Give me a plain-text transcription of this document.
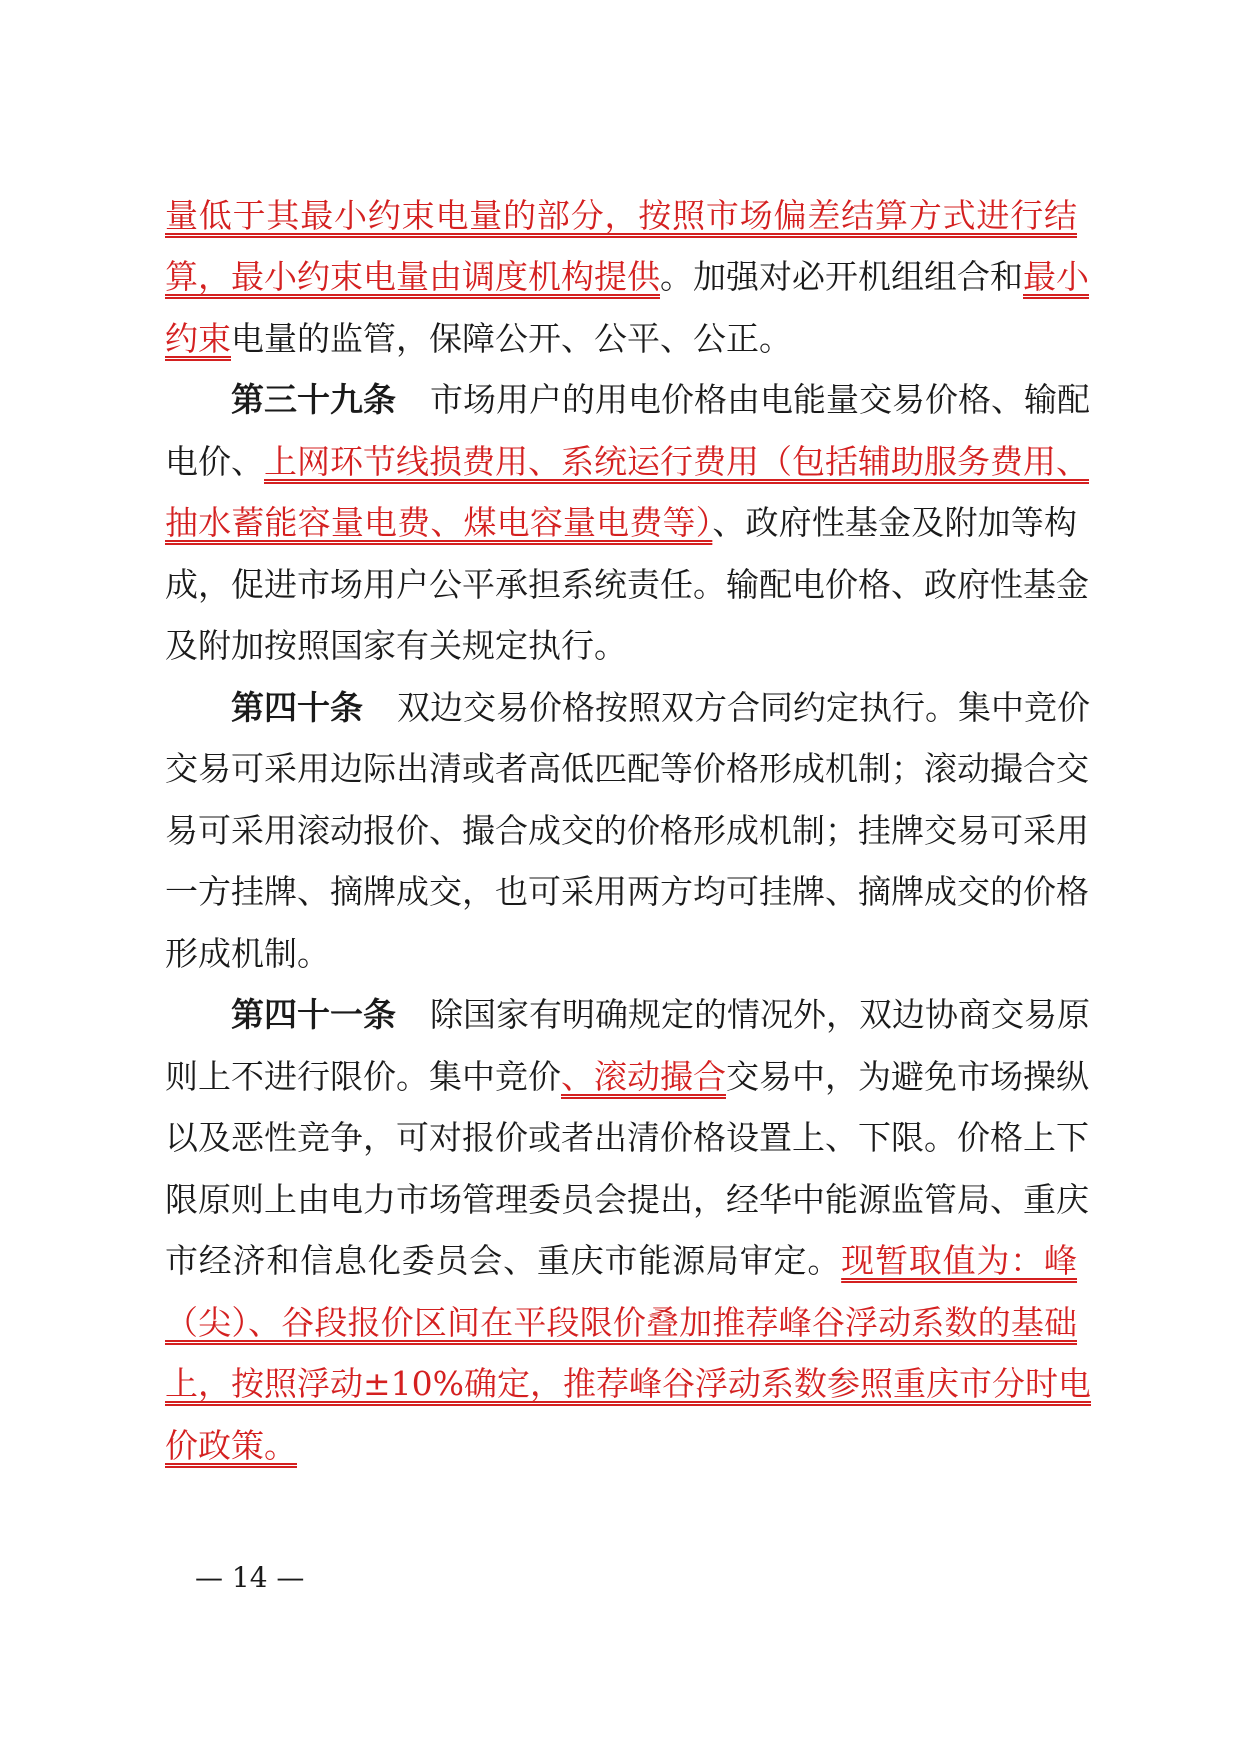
量低于其最小约束电量的部分，按照市场偏差结算方式进行结
算，最小约束电量由调度机构提供。加强对必开机组组合和最小
约束电量的监管，保障公开、公平、公正。
第三十九条 市场用户的用电价格由电能量交易价格、输配
电价、上网环节线损费用、系统运行费用（包括辅助服务费用、
抽水蓄能容量电费、煤电容量电费等）、政府性基金及附加等构
成，促进市场用户公平承担系统责任。输配电价格、政府性基金
及附加按照国家有关规定执行。
第四十条 双边交易价格按照双方合同约定执行。集中竞价
交易可采用边际出清或者高低匹配等价格形成机制；滚动撮合交
易可采用滚动报价、撮合成交的价格形成机制；挂牌交易可采用
一方挂牌、摘牌成交，也可采用两方均可挂牌、摘牌成交的价格
形成机制。
第四十一条 除国家有明确规定的情况外，双边协商交易原
则上不进行限价。集中竞价、滚动撮合交易中，为避免市场操纵
以及恶性竞争，可对报价或者出清价格设置上、下限。价格上下
限原则上由电力市场管理委员会提出，经华中能源监管局、重庆
市经济和信息化委员会、重庆市能源局审定。现暂取值为：峰
（尖）、谷段报价区间在平段限价叠加推荐峰谷浮动系数的基础
上，按照浮动±10%确定，推荐峰谷浮动系数参照重庆市分时电
价政策。
— 14 —
